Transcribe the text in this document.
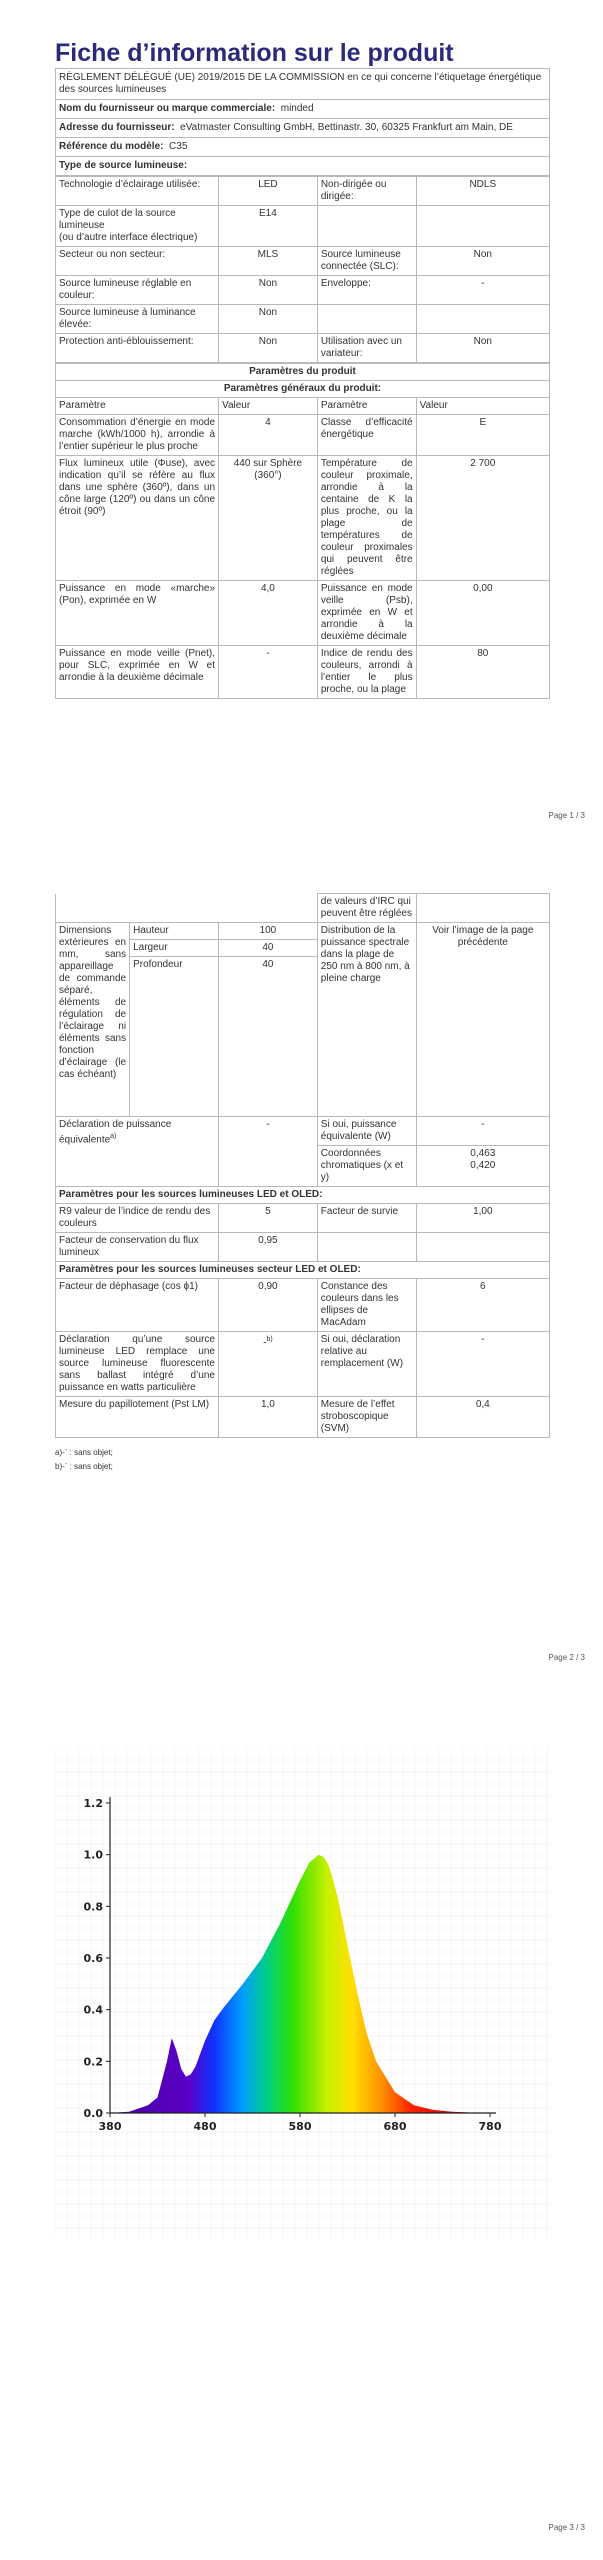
Fiche d’information sur le produit
RÈGLEMENT DÉLÉGUÉ (UE) 2019/2015 DE LA COMMISSION en ce qui concerne l’étiquetage énergétique des sources lumineuses
Nom du fournisseur ou marque commerciale: minded
Adresse du fournisseur: eVatmaster Consulting GmbH, Bettinastr. 30, 60325 Frankfurt am Main, DE
Référence du modèle: C35
Type de source lumineuse:
Technologie d’éclairage utilisée:	LED	Non-dirigée ou dirigée:	NDLS
Type de culot de la source lumineuse
(ou d’autre interface électrique)	E14		
Secteur ou non secteur:	MLS	Source lumineuse connectée (SLC):	Non
Source lumineuse réglable en couleur:	Non	Enveloppe:	-
Source lumineuse à luminance élevée:	Non		
Protection anti-éblouissement:	Non	Utilisation avec un variateur:	Non
Paramètres du produit			
Paramètres généraux du produit:			
Paramètre	Valeur	Paramètre	Valeur
Consommation d’énergie en mode marche (kWh/1000 h), arrondie à l’entier supérieur le plus proche	4	Classe d’efficacité énergétique	E
Flux lumineux utile (Φuse), avec indication qu’il se réfère au flux dans une sphère (360º), dans un cône large (120º) ou dans un cône étroit (90º)	440 sur Sphère (360°)	Température de couleur proximale, arrondie à la centaine de K la plus proche, ou la plage de températures de couleur proximales qui peuvent être réglées	2 700
Puissance en mode «marche» (Pon), exprimée en W	4,0	Puissance en mode veille (Psb), exprimée en W et arrondie à la deuxième décimale	0,00
Puissance en mode veille (Pnet), pour SLC, exprimée en W et arrondie à la deuxième décimale	-	Indice de rendu des couleurs, arrondi à l’entier le plus proche, ou la plage	80
Page 1 / 3
			de valeurs d’IRC qui peuvent être réglées	
Dimensions extérieures en mm, sans appareillage de commande séparé, éléments de régulation de l’éclairage ni éléments sans fonction d’éclairage (le cas échéant)	Hauteur	100	Distribution de la puissance spectrale dans la plage de 250 nm à 800 nm, à pleine charge	Voir l’image de la page précédente
	Largeur	40		
	Profondeur	40		
Déclaration de puissance équivalente$^{a)}$		-	Si oui, puissance équivalente (W)	-
			Coordonnées chromatiques (x et y)	0,463
0,420
Paramètres pour les sources lumineuses LED et OLED:				
R9 valeur de l’indice de rendu des couleurs		5	Facteur de survie	1,00
Facteur de conservation du flux lumineux		0,95		
Paramètres pour les sources lumineuses secteur LED et OLED:				
Facteur de déphasage (cos ϕ1)		0,90	Constance des couleurs dans les ellipses de MacAdam	6
Déclaration qu’une source lumineuse LED remplace une source lumineuse fluorescente sans ballast intégré d’une puissance en watts particulière		-$^{b)}$	Si oui, déclaration relative au remplacement (W)	-
Mesure du papillotement (Pst LM)		1,0	Mesure de l’effet stroboscopique (SVM)	0,4
a)-᾿ : sans objet;
b)-᾿ : sans objet;
Page 2 / 3
0.0
0.2
0.4
0.6
0.8
1.0
1.2
380	480	580	680	780
Page 3 / 3
